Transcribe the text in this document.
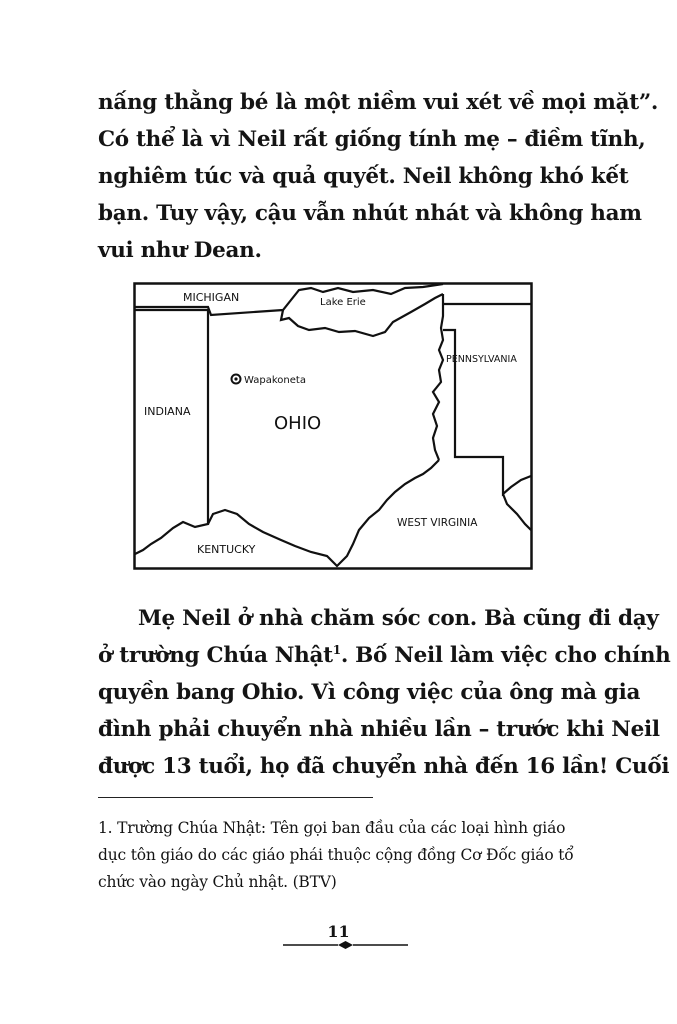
nấng thằng bé là một niềm vui xét về mọi mặt”.
Có thể là vì Neil rất giống tính mẹ – điềm tĩnh,
nghiêm túc và quả quyết. Neil không khó kết
bạn. Tuy vậy, cậu vẫn nhút nhát và không ham
vui như Dean.
MICHIGAN	Lake Erie
PENNSYLVANIA
Wapakoneta
INDIANA
OHIO
WEST VIRGINIA
KENTUCKY
Mẹ Neil ở nhà chăm sóc con. Bà cũng đi dạy
ở trường Chúa Nhật$^1$. Bố Neil làm việc cho chính
quyền bang Ohio. Vì công việc của ông mà gia
đình phải chuyển nhà nhiều lần – trước khi Neil
được 13 tuổi, họ đã chuyển nhà đến 16 lần! Cuối
1. Trường Chúa Nhật: Tên gọi ban đầu của các loại hình giáo
dục tôn giáo do các giáo phái thuộc cộng đồng Cơ Đốc giáo tổ
chức vào ngày Chủ nhật. (BTV)
11
